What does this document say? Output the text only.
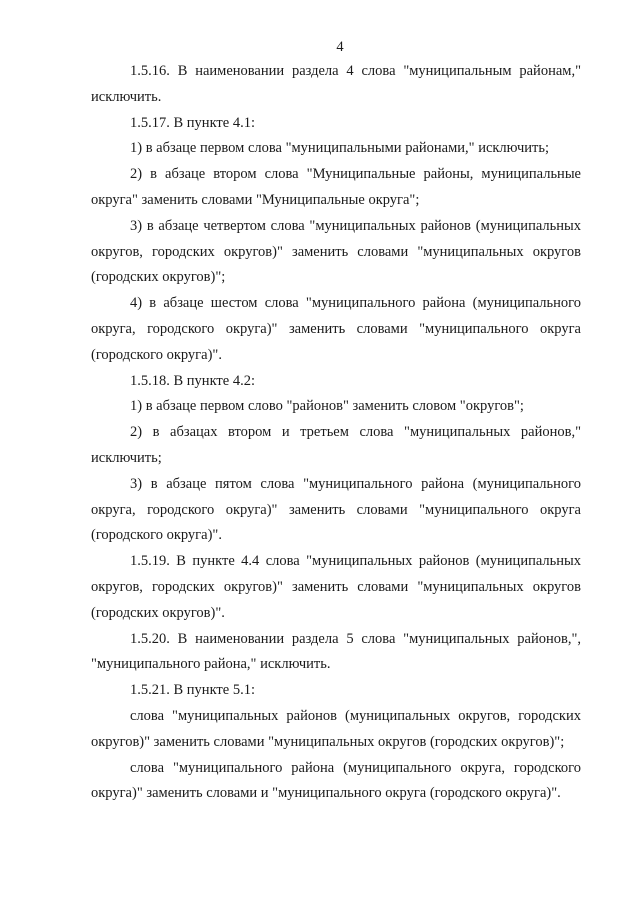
4

1.5.16. В наименовании раздела 4 слова "муниципальным районам," исключить.

1.5.17. В пункте 4.1:

1) в абзаце первом слова "муниципальными районами," исключить;

2) в абзаце втором слова "Муниципальные районы, муниципальные округа" заменить словами "Муниципальные округа";

3) в абзаце четвертом слова "муниципальных районов (муниципальных округов, городских округов)" заменить словами "муниципальных округов (городских округов)";

4) в абзаце шестом слова "муниципального района (муниципального округа, городского округа)" заменить словами "муниципального округа (городского округа)".

1.5.18. В пункте 4.2:

1) в абзаце первом слово "районов" заменить словом "округов";

2) в абзацах втором и третьем слова "муниципальных районов," исключить;

3) в абзаце пятом слова "муниципального района (муниципального округа, городского округа)" заменить словами "муниципального округа (городского округа)".

1.5.19. В пункте 4.4 слова "муниципальных районов (муниципальных округов, городских округов)" заменить словами "муниципальных округов (городских округов)".

1.5.20. В наименовании раздела 5 слова "муниципальных районов,", "муниципального района," исключить.

1.5.21. В пункте 5.1:

слова "муниципальных районов (муниципальных округов, городских округов)" заменить словами "муниципальных округов (городских округов)";

слова "муниципального района (муниципального округа, городского округа)" заменить словами и "муниципального округа (городского округа)".
